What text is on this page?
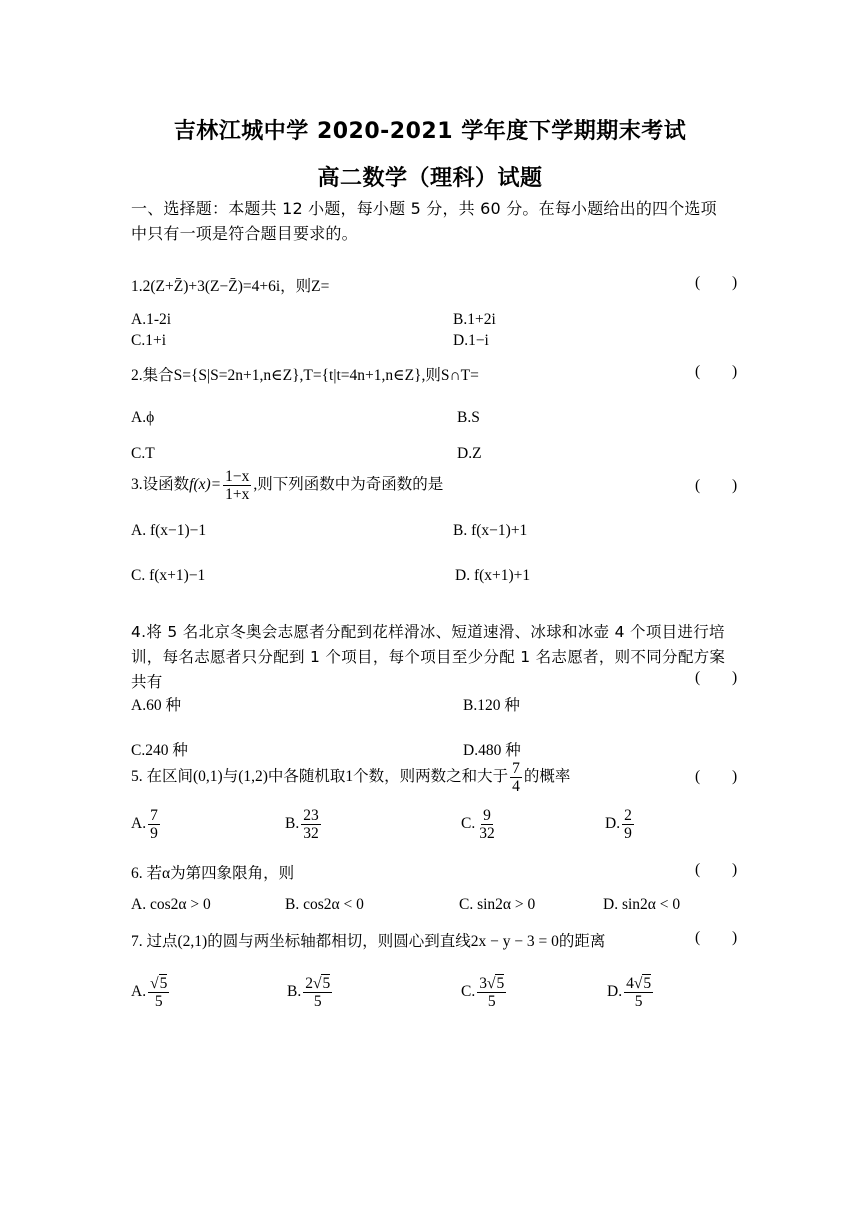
吉林江城中学 2020-2021 学年度下学期期末考试
高二数学（理科）试题
一、选择题：本题共 12 小题，每小题 5 分，共 60 分。在每小题给出的四个选项中只有一项是符合题目要求的。
1.2(Z+Z̄)+3(Z−Z̄)=4+6i，则Z=	( )
A.1-2i	B.1+2i
C.1+i	D.1−i
2.集合S={S|S=2n+1,n∈Z},T={t|t=4n+1,n∈Z},则S∩T=	( )
A.ϕ	B.S
C.T	D.Z
3.设函数$f(x)= \frac{1-x}{1+x}$ ,则下列函数中为奇函数的是	( )
A. f(x−1)−1	B. f(x−1)+1
C. f(x+1)−1	D. f(x+1)+1
4.将 5 名北京冬奥会志愿者分配到花样滑冰、短道速滑、冰球和冰壶 4 个项目进行培训，每名志愿者只分配到 1 个项目，每个项目至少分配 1 名志愿者，则不同分配方案共有	( )
A.60 种	B.120 种
C.240 种	D.480 种
5. 在区间(0,1)与(1,2)中各随机取1个数，则两数之和大于 $\frac{7}{4}$ 的概率	( )
A. $\frac{7}{9}$	B. $\frac{23}{32}$	C. $\frac{9}{32}$	D. $\frac{2}{9}$
6. 若α为第四象限角，则	( )
A. cos2α > 0	B. cos2α < 0	C. sin2α > 0	D. sin2α < 0
7. 过点(2,1)的圆与两坐标轴都相切，则圆心到直线2x − y − 3 = 0的距离	( )
A. $\frac{√5}{5}$	B. $\frac{2√5}{5}$	C. $\frac{3√5}{5}$	D. $\frac{4√5}{5}$
